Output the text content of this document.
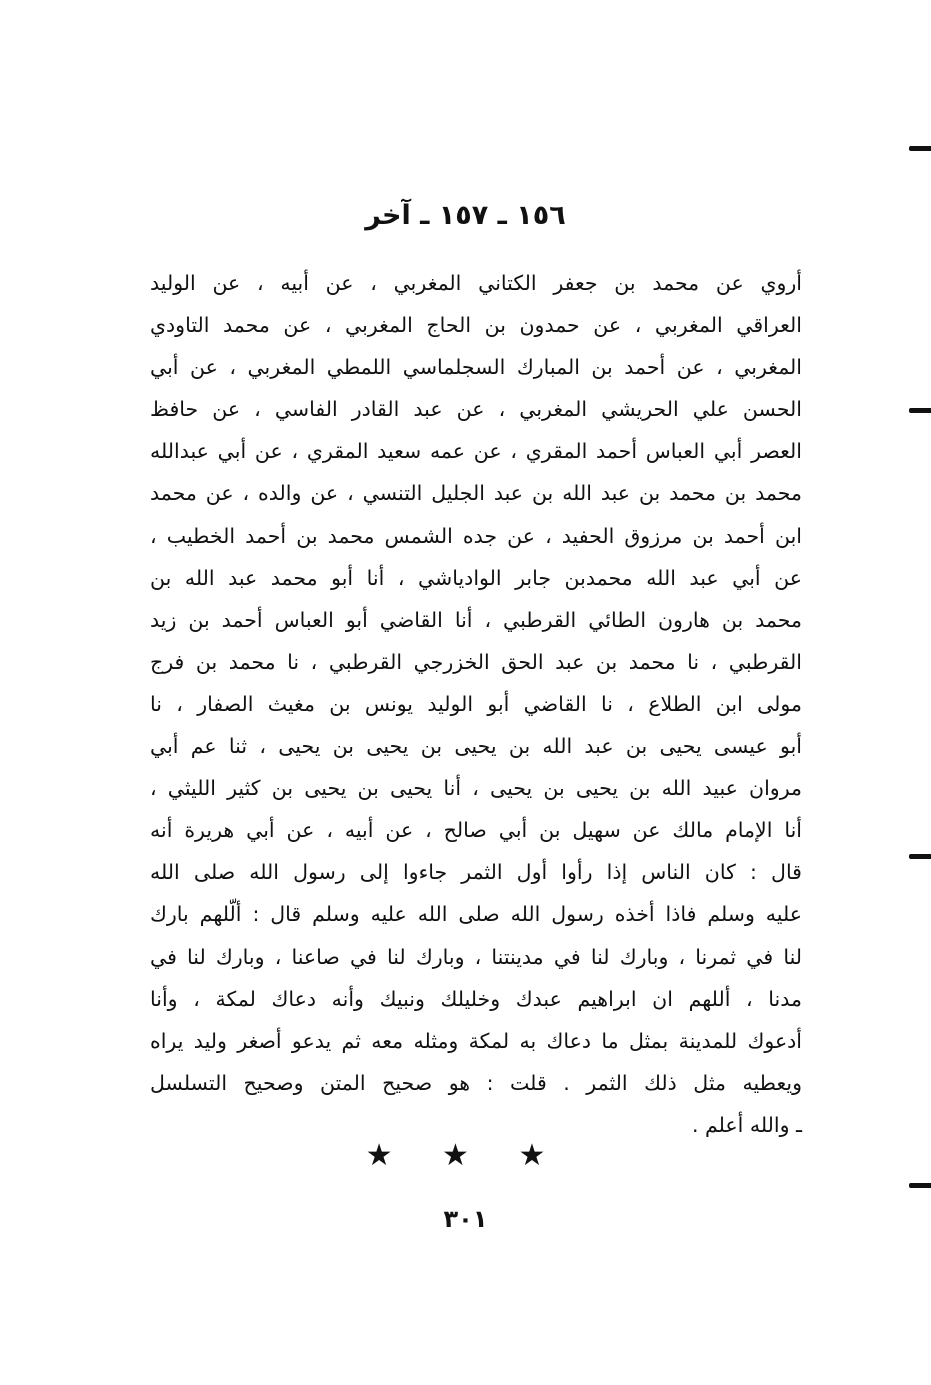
١٥٦ ـ ١٥٧ ـ آخر
أروي عن محمد بن جعفر الكتاني المغربي ، عن أبيه ، عن الوليد
العراقي المغربي ، عن حمدون بن الحاج المغربي ، عن محمد التاودي
المغربي ، عن أحمد بن المبارك السجلماسي اللمطي المغربي ، عن أبي
الحسن علي الحريشي المغربي ، عن عبد القادر الفاسي ، عن حافظ
العصر أبي العباس أحمد المقري ، عن عمه سعيد المقري ، عن أبي عبدالله
محمد بن محمد بن عبد الله بن عبد الجليل التنسي ، عن والده ، عن محمد
ابن أحمد بن مرزوق الحفيد ، عن جده الشمس محمد بن أحمد الخطيب ،
عن أبي عبد الله محمدبن جابر الوادياشي ، أنا أبو محمد عبد الله بن
محمد بن هارون الطائي القرطبي ، أنا القاضي أبو العباس أحمد بن زيد
القرطبي ، نا محمد بن عبد الحق الخزرجي القرطبي ، نا محمد بن فرج
مولى ابن الطلاع ، نا القاضي أبو الوليد يونس بن مغيث الصفار ، نا
أبو عيسى يحيى بن عبد الله بن يحيى بن يحيى بن يحيى ، ثنا عم أبي
مروان عبيد الله بن يحيى بن يحيى ، أنا يحيى بن يحيى بن كثير الليثي ،
أنا الإمام مالك عن سهيل بن أبي صالح ، عن أبيه ، عن أبي هريرة أنه
قال : كان الناس إذا رأوا أول الثمر جاءوا إلى رسول الله صلى الله
عليه وسلم فاذا أخذه رسول الله صلى الله عليه وسلم قال : ألّلهم بارك
لنا في ثمرنا ، وبارك لنا في مدينتنا ، وبارك لنا في صاعنا ، وبارك لنا في
مدنا ، أللهم ان ابراهيم عبدك وخليلك ونبيك وأنه دعاك لمكة ، وأنا
أدعوك للمدينة بمثل ما دعاك به لمكة ومثله معه ثم يدعو أصغر وليد يراه
ويعطيه مثل ذلك الثمر . قلت : هو صحيح المتن وصحيح التسلسل
ـ والله أعلم .
★ ★ ★
٣٠١
